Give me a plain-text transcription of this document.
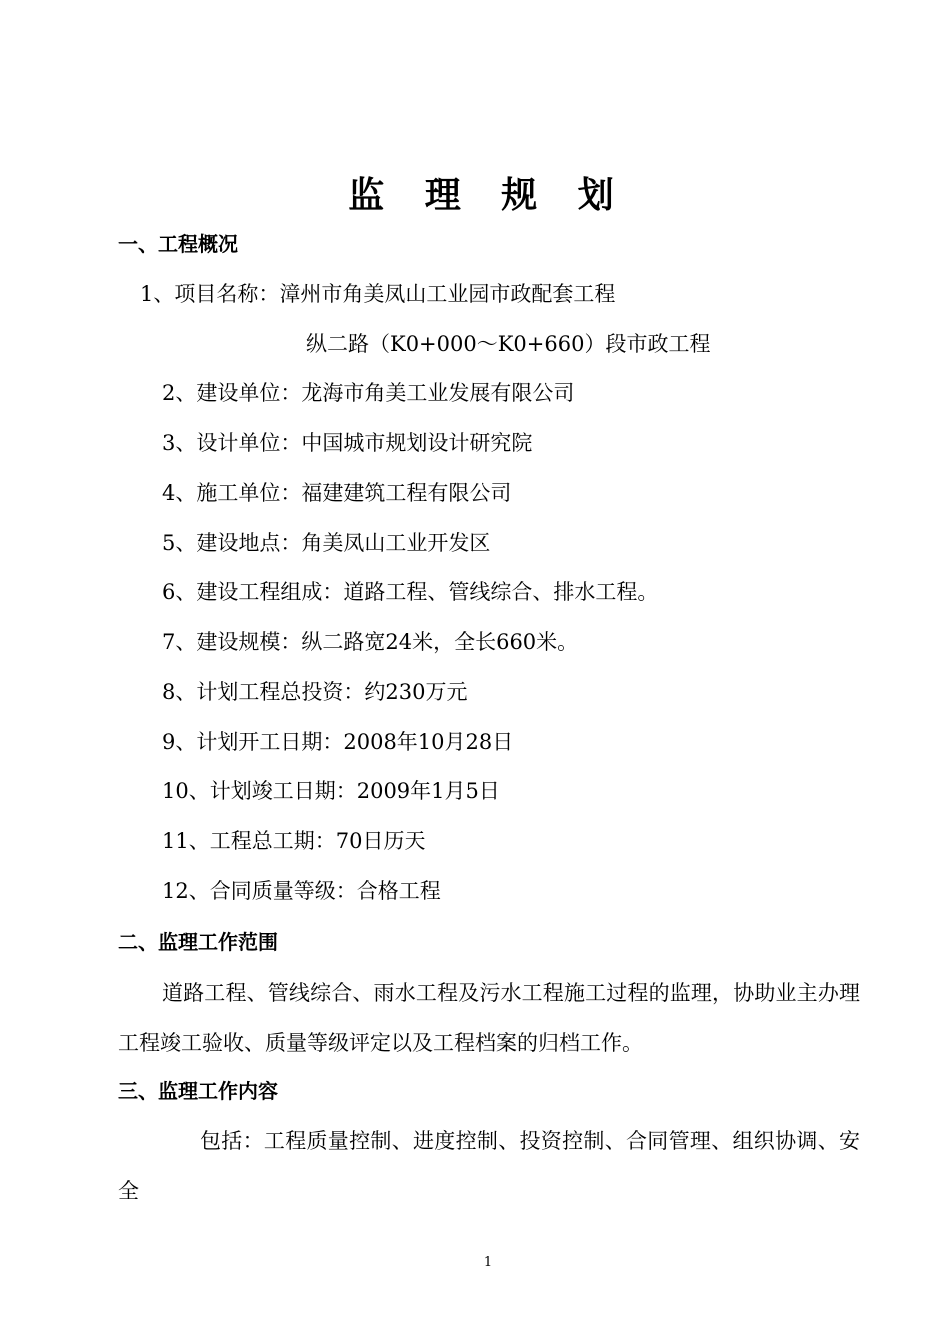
监 理 规 划
一、工程概况
1、项目名称：漳州市角美凤山工业园市政配套工程
纵二路（K0+000～K0+660）段市政工程
2、建设单位：龙海市角美工业发展有限公司
3、设计单位：中国城市规划设计研究院
4、施工单位：福建建筑工程有限公司
5、建设地点：角美凤山工业开发区
6、建设工程组成：道路工程、管线综合、排水工程。
7、建设规模：纵二路宽24米，全长660米。
8、计划工程总投资：约230万元
9、计划开工日期：2008年10月28日
10、计划竣工日期：2009年1月5日
11、工程总工期：70日历天
12、合同质量等级：合格工程
二、监理工作范围
道路工程、管线综合、雨水工程及污水工程施工过程的监理，协助业主办理工程竣工验收、质量等级评定以及工程档案的归档工作。
三、监理工作内容
包括：工程质量控制、进度控制、投资控制、合同管理、组织协调、安全
1
